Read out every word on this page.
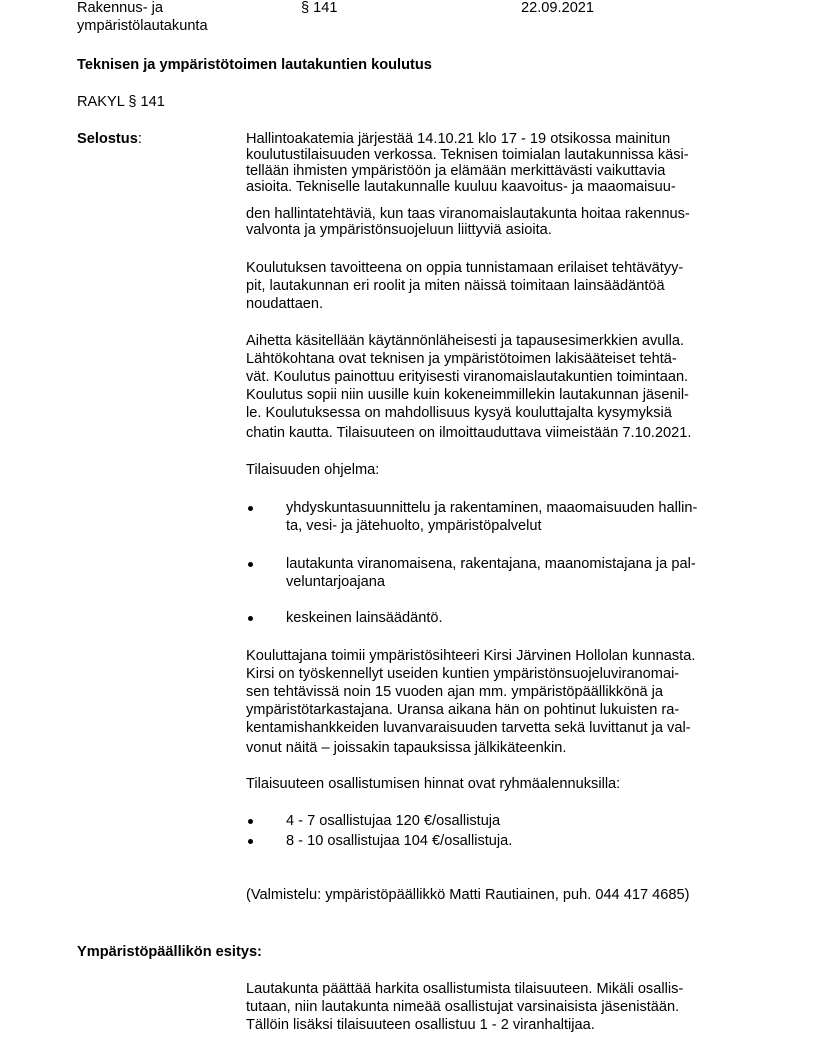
Rakennus- ja
ympäristölautakunta
§ 141	22.09.2021
Teknisen ja ympäristötoimen lautakuntien koulutus
RAKYL § 141
Selostus:	Hallintoakatemia järjestää 14.10.21 klo 17 - 19 otsikossa mainitun
koulutustilaisuuden verkossa. Teknisen toimialan lautakunnissa käsi-
tellään ihmisten ympäristöön ja elämään merkittävästi vaikuttavia
asioita. Tekniselle lautakunnalle kuuluu kaavoitus- ja maaomaisuu-
den hallintatehtäviä, kun taas viranomaislautakunta hoitaa rakennus-
valvonta ja ympäristönsuojeluun liittyviä asioita.
Koulutuksen tavoitteena on oppia tunnistamaan erilaiset tehtävätyy-
pit, lautakunnan eri roolit ja miten näissä toimitaan lainsäädäntöä
noudattaen.
Aihetta käsitellään käytännönläheisesti ja tapausesimerkkien avulla.
Lähtökohtana ovat teknisen ja ympäristötoimen lakisääteiset tehtä-
vät. Koulutus painottuu erityisesti viranomaislautakuntien toimintaan.
Koulutus sopii niin uusille kuin kokeneimmillekin lautakunnan jäsenil-
le. Koulutuksessa on mahdollisuus kysyä kouluttajalta kysymyksiä
chatin kautta. Tilaisuuteen on ilmoittauduttava viimeistään 7.10.2021.
Tilaisuuden ohjelma:
yhdyskuntasuunnittelu ja rakentaminen, maaomaisuuden hallin-
ta, vesi- ja jätehuolto, ympäristöpalvelut
lautakunta viranomaisena, rakentajana, maanomistajana ja pal-
veluntarjoajana
keskeinen lainsäädäntö.
Kouluttajana toimii ympäristösihteeri Kirsi Järvinen Hollolan kunnasta.
Kirsi on työskennellyt useiden kuntien ympäristönsuojeluviranomai-
sen tehtävissä noin 15 vuoden ajan mm. ympäristöpäällikkönä ja
ympäristötarkastajana. Uransa aikana hän on pohtinut lukuisten ra-
kentamishankkeiden luvanvaraisuuden tarvetta sekä luvittanut ja val-
vonut näitä – joissakin tapauksissa jälkikäteenkin.
Tilaisuuteen osallistumisen hinnat ovat ryhmäalennuksilla:
4 - 7 osallistujaa 120 €/osallistuja
8 - 10 osallistujaa 104 €/osallistuja.
(Valmistelu: ympäristöpäällikkö Matti Rautiainen, puh. 044 417 4685)
Ympäristöpäällikön esitys:
Lautakunta päättää harkita osallistumista tilaisuuteen. Mikäli osallis-
tutaan, niin lautakunta nimeää osallistujat varsinaisista jäsenistään.
Tällöin lisäksi tilaisuuteen osallistuu 1 - 2 viranhaltijaa.
